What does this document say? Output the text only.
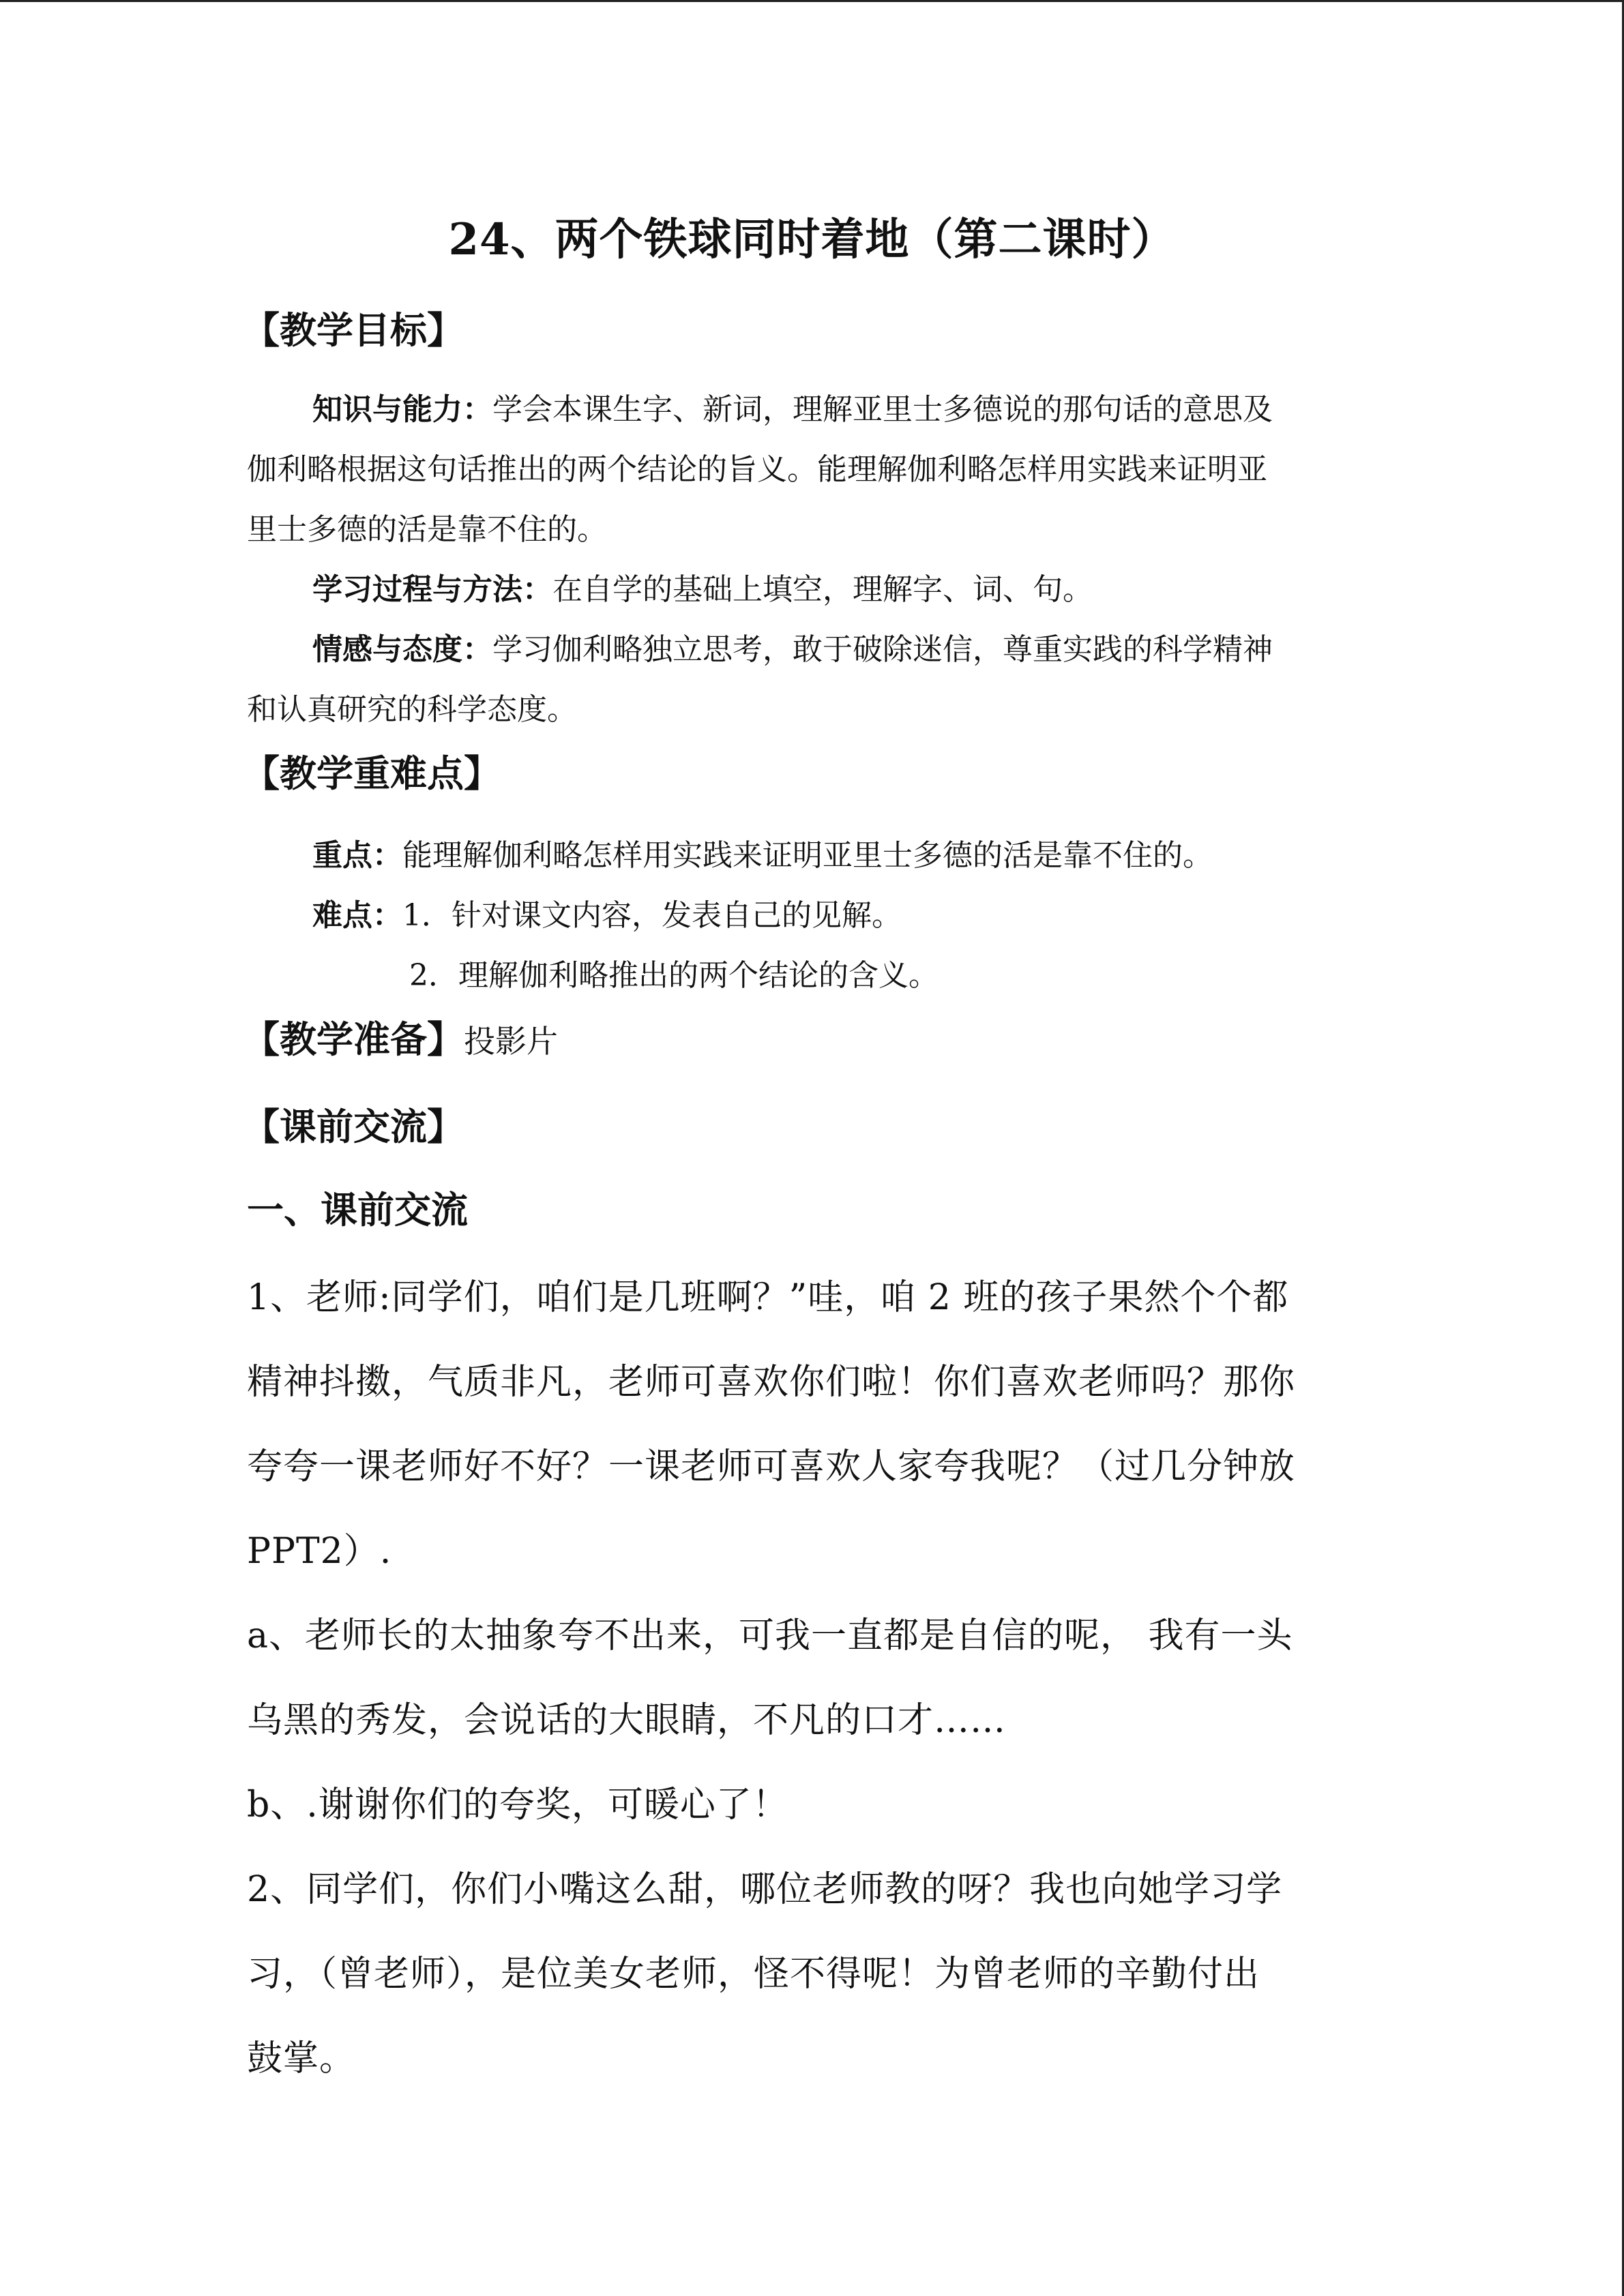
24、两个铁球同时着地（第二课时）
【教学目标】
知识与能力：学会本课生字、新词，理解亚里士多德说的那句话的意思及
伽利略根据这句话推出的两个结论的旨义。能理解伽利略怎样用实践来证明亚
里士多德的活是靠不住的。
学习过程与方法：在自学的基础上填空，理解字、词、句。
情感与态度：学习伽利略独立思考，敢于破除迷信，尊重实践的科学精神
和认真研究的科学态度。
【教学重难点】
重点：能理解伽利略怎样用实践来证明亚里士多德的活是靠不住的。
难点：1．针对课文内容，发表自己的见解。
2．理解伽利略推出的两个结论的含义。
【教学准备】投影片
【课前交流】
一、课前交流
1、老师:同学们，咱们是几班啊？”哇，咱 2 班的孩子果然个个都
精神抖擞，气质非凡，老师可喜欢你们啦！你们喜欢老师吗？那你
夸夸一课老师好不好？一课老师可喜欢人家夸我呢？（过几分钟放
PPT2）.
a、老师长的太抽象夸不出来，可我一直都是自信的呢， 我有一头
乌黑的秀发，会说话的大眼睛，不凡的口才……
b、.谢谢你们的夸奖，可暖心了！
2、同学们，你们小嘴这么甜，哪位老师教的呀？我也向她学习学
习，（曾老师），是位美女老师，怪不得呢！为曾老师的辛勤付出
鼓掌。
